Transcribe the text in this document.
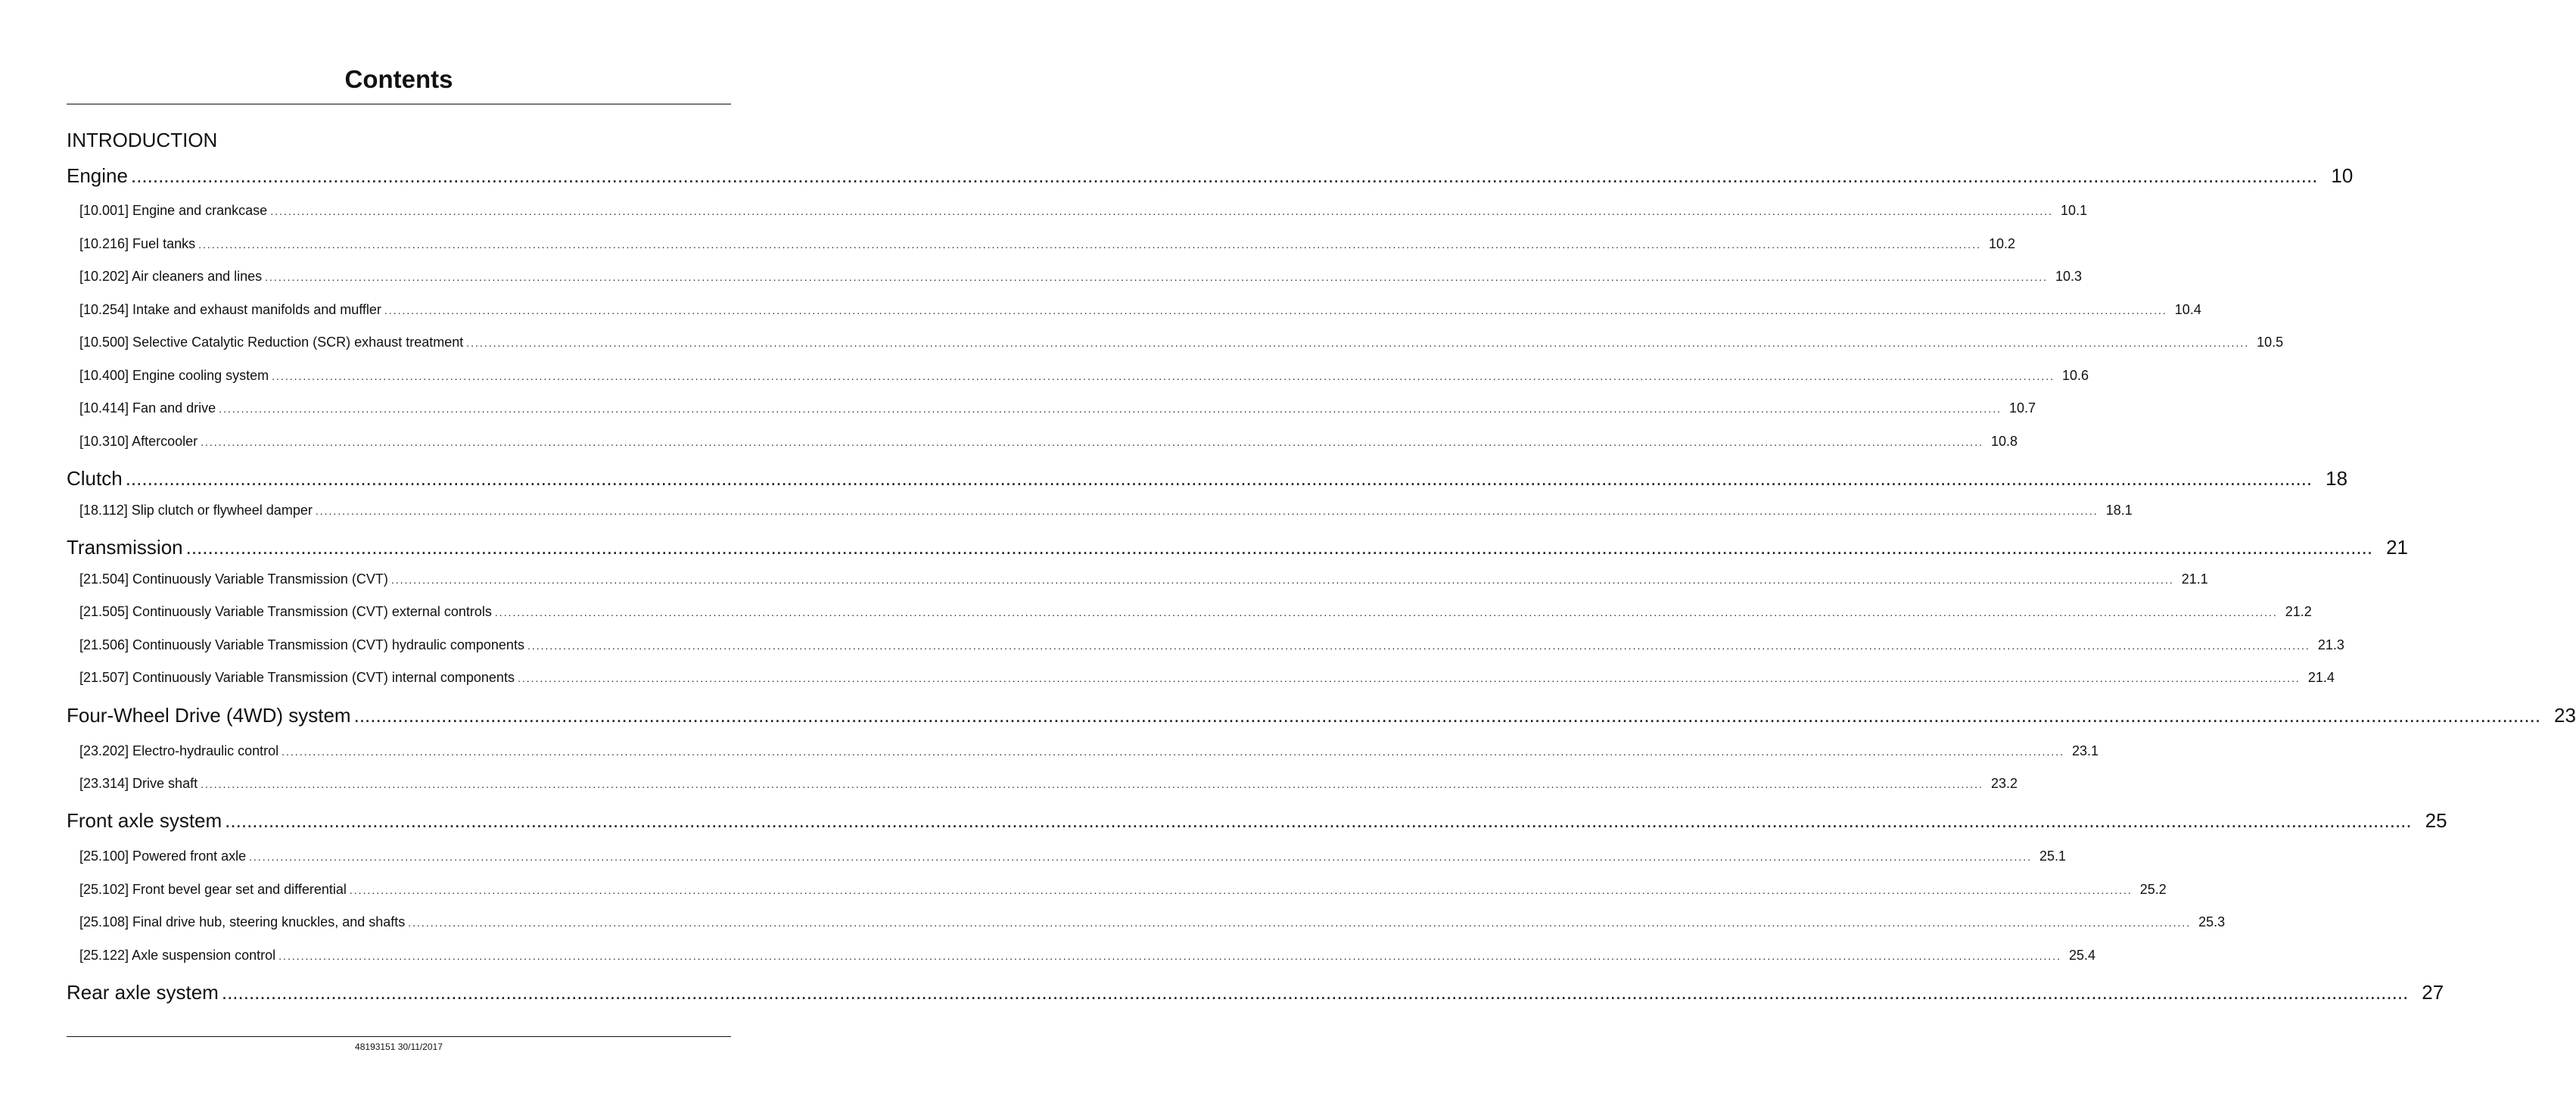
Contents
INTRODUCTION
Engine ................................................................................................................................................................................................................................................................................................................................................................................................................ 10
[10.001] Engine and crankcase ................................................................................................................................................................................................................................................................................................................................................................................................................ 10.1
[10.216] Fuel tanks ................................................................................................................................................................................................................................................................................................................................................................................................................ 10.2
[10.202] Air cleaners and lines ................................................................................................................................................................................................................................................................................................................................................................................................................ 10.3
[10.254] Intake and exhaust manifolds and muffler ................................................................................................................................................................................................................................................................................................................................................................................................................ 10.4
[10.500] Selective Catalytic Reduction (SCR) exhaust treatment ................................................................................................................................................................................................................................................................................................................................................................................................................ 10.5
[10.400] Engine cooling system ................................................................................................................................................................................................................................................................................................................................................................................................................ 10.6
[10.414] Fan and drive ................................................................................................................................................................................................................................................................................................................................................................................................................ 10.7
[10.310] Aftercooler ................................................................................................................................................................................................................................................................................................................................................................................................................ 10.8
Clutch ................................................................................................................................................................................................................................................................................................................................................................................................................ 18
[18.112] Slip clutch or flywheel damper ................................................................................................................................................................................................................................................................................................................................................................................................................ 18.1
Transmission ................................................................................................................................................................................................................................................................................................................................................................................................................ 21
[21.504] Continuously Variable Transmission (CVT) ................................................................................................................................................................................................................................................................................................................................................................................................................ 21.1
[21.505] Continuously Variable Transmission (CVT) external controls ................................................................................................................................................................................................................................................................................................................................................................................................................ 21.2
[21.506] Continuously Variable Transmission (CVT) hydraulic components ................................................................................................................................................................................................................................................................................................................................................................................................................ 21.3
[21.507] Continuously Variable Transmission (CVT) internal components ................................................................................................................................................................................................................................................................................................................................................................................................................ 21.4
Four-Wheel Drive (4WD) system ................................................................................................................................................................................................................................................................................................................................................................................................................ 23
[23.202] Electro-hydraulic control ................................................................................................................................................................................................................................................................................................................................................................................................................ 23.1
[23.314] Drive shaft ................................................................................................................................................................................................................................................................................................................................................................................................................ 23.2
Front axle system ................................................................................................................................................................................................................................................................................................................................................................................................................ 25
[25.100] Powered front axle ................................................................................................................................................................................................................................................................................................................................................................................................................ 25.1
[25.102] Front bevel gear set and differential ................................................................................................................................................................................................................................................................................................................................................................................................................ 25.2
[25.108] Final drive hub, steering knuckles, and shafts ................................................................................................................................................................................................................................................................................................................................................................................................................ 25.3
[25.122] Axle suspension control ................................................................................................................................................................................................................................................................................................................................................................................................................ 25.4
Rear axle system ................................................................................................................................................................................................................................................................................................................................................................................................................ 27
48193151 30/11/2017
